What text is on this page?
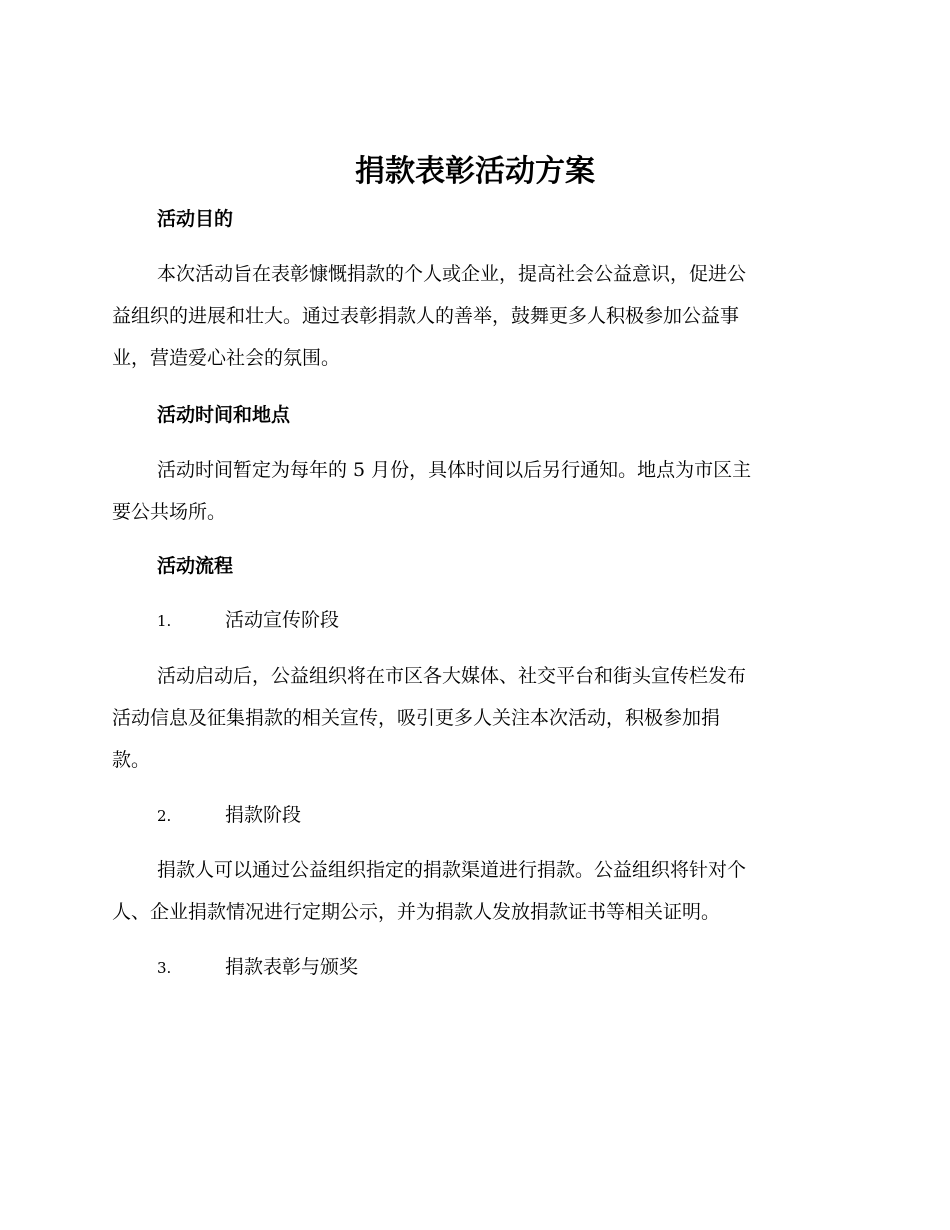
捐款表彰活动方案
活动目的
本次活动旨在表彰慷慨捐款的个人或企业，提高社会公益意识，促进公
益组织的进展和壮大。通过表彰捐款人的善举，鼓舞更多人积极参加公益事
业，营造爱心社会的氛围。
活动时间和地点
活动时间暂定为每年的 5 月份，具体时间以后另行通知。地点为市区主
要公共场所。
活动流程
1.	活动宣传阶段
活动启动后，公益组织将在市区各大媒体、社交平台和街头宣传栏发布
活动信息及征集捐款的相关宣传，吸引更多人关注本次活动，积极参加捐
款。
2.	捐款阶段
捐款人可以通过公益组织指定的捐款渠道进行捐款。公益组织将针对个
人、企业捐款情况进行定期公示，并为捐款人发放捐款证书等相关证明。
3.	捐款表彰与颁奖
